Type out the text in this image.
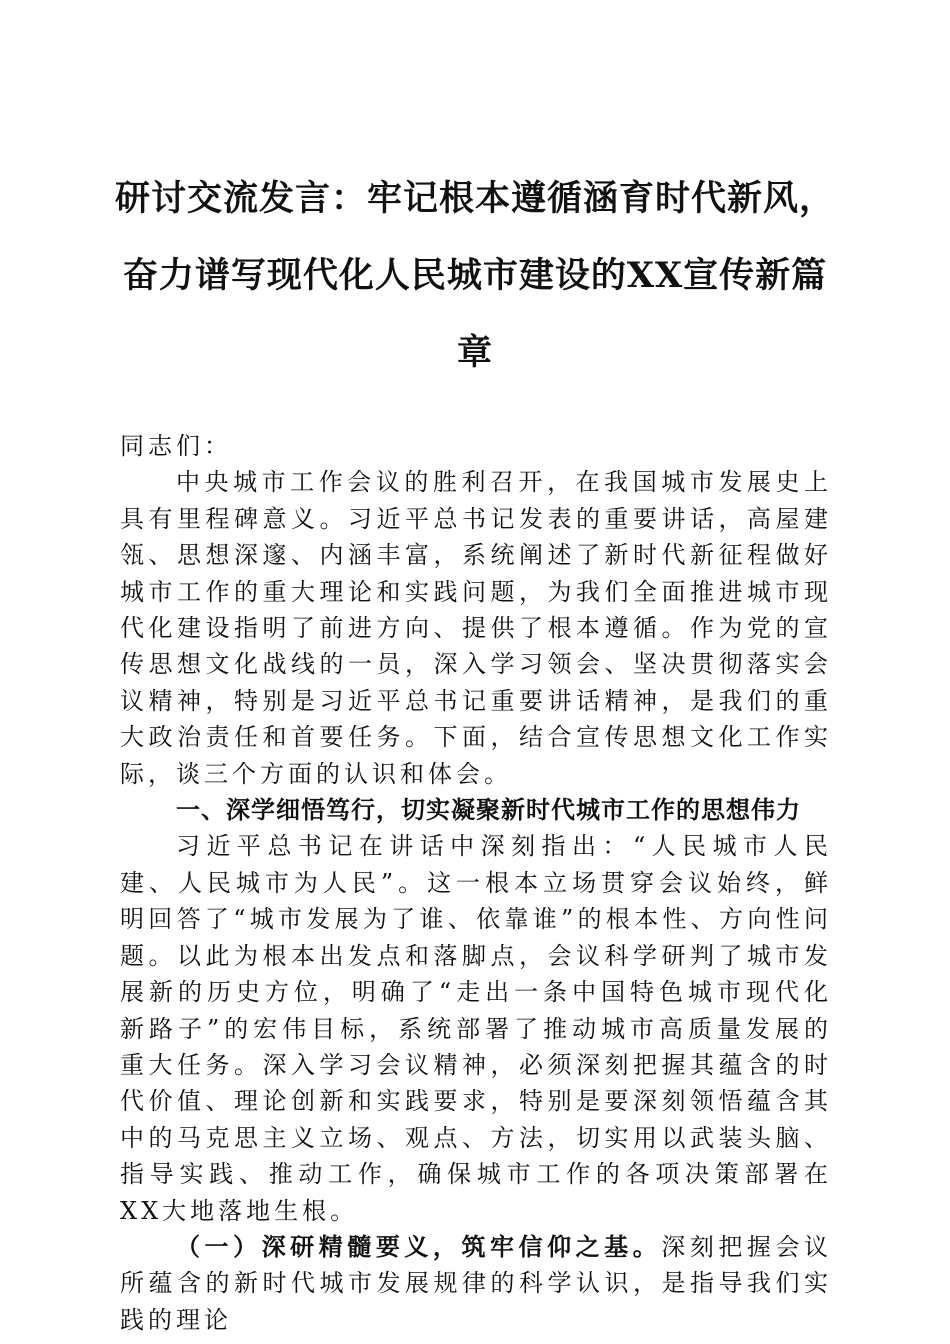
研讨交流发言：牢记根本遵循涵育时代新风，奋力谱写现代化人民城市建设的XX宣传新篇章

同志们：

中央城市工作会议的胜利召开，在我国城市发展史上具有里程碑意义。习近平总书记发表的重要讲话，高屋建瓴、思想深邃、内涵丰富，系统阐述了新时代新征程做好城市工作的重大理论和实践问题，为我们全面推进城市现代化建设指明了前进方向、提供了根本遵循。作为党的宣传思想文化战线的一员，深入学习领会、坚决贯彻落实会议精神，特别是习近平总书记重要讲话精神，是我们的重大政治责任和首要任务。下面，结合宣传思想文化工作实际，谈三个方面的认识和体会。

一、深学细悟笃行，切实凝聚新时代城市工作的思想伟力

习近平总书记在讲话中深刻指出：“人民城市人民建、人民城市为人民”。这一根本立场贯穿会议始终，鲜明回答了“城市发展为了谁、依靠谁”的根本性、方向性问题。以此为根本出发点和落脚点，会议科学研判了城市发展新的历史方位，明确了“走出一条中国特色城市现代化新路子”的宏伟目标，系统部署了推动城市高质量发展的重大任务。深入学习会议精神，必须深刻把握其蕴含的时代价值、理论创新和实践要求，特别是要深刻领悟蕴含其中的马克思主义立场、观点、方法，切实用以武装头脑、指导实践、推动工作，确保城市工作的各项决策部署在XX大地落地生根。

（一）深研精髓要义，筑牢信仰之基。深刻把握会议所蕴含的新时代城市发展规律的科学认识，是指导我们实践的理论
